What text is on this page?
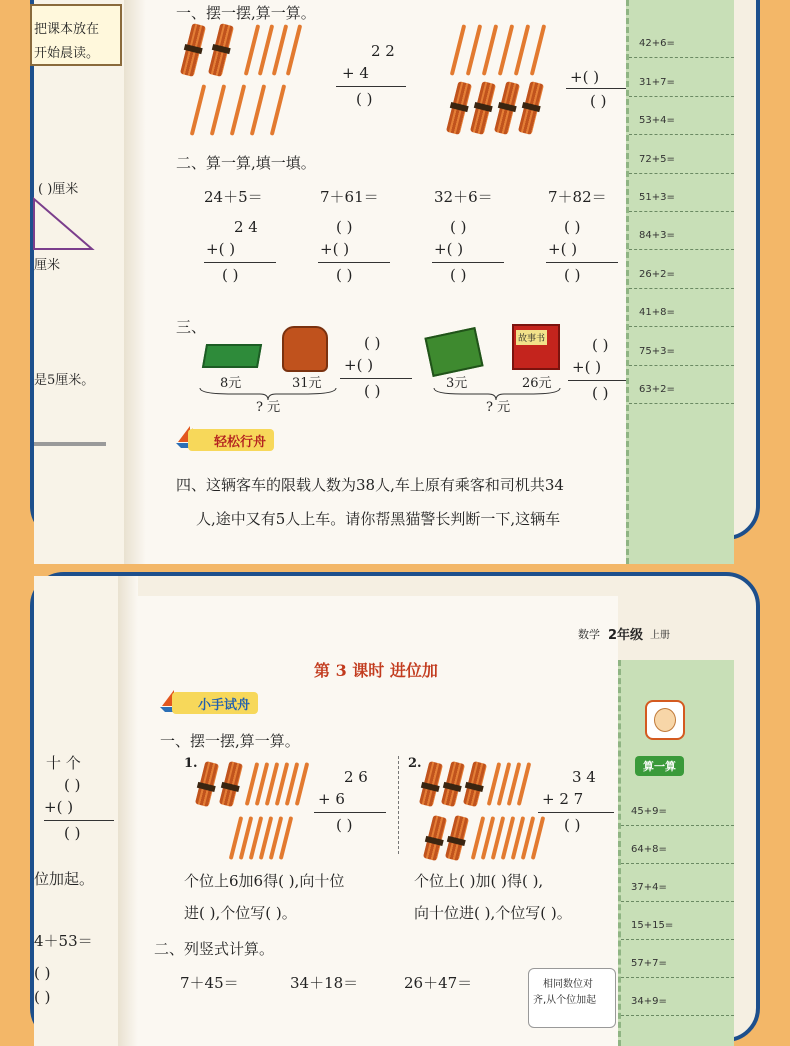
把课本放在
开始晨读。
( )厘米
厘米
是5厘米。
一、摆一摆,算一算。
2 2
+ 4
( )
+( )
( )
二、算一算,填一填。
24＋5＝	7＋61＝	32＋6＝	7＋82＝
2 4	( )	( )	( )
+( )	+( )	+( )	+( )
( )	( )	( )	( )
三、
8元	31元
? 元
( )
+( )
( )
故事书
3元	26元
? 元
( )
+( )
( )
轻松行舟
四、这辆客车的限载人数为38人,车上原有乘客和司机共34
人,途中又有5人上车。请你帮黑猫警长判断一下,这辆车
42+6=
31+7=
53+4=
72+5=
51+3=
84+3=
26+2=
41+8=
75+3=
63+2=
十 个
( )
+( )
( )
位加起。
4＋53＝
( )
( )
数学 2年级 上册
第 3 课时 进位加
小手试舟
一、摆一摆,算一算。
1.
2 6
+ 6
( )
2.
3 4
+ 2 7
( )
个位上6加6得( ),向十位
进( ),个位写( )。
个位上( )加( )得( ),
向十位进( ),个位写( )。
二、列竖式计算。
7＋45＝	34＋18＝	26＋47＝	相同数位对
齐,从个位加起
算一算
45+9=
64+8=
37+4=
15+15=
57+7=
34+9=
